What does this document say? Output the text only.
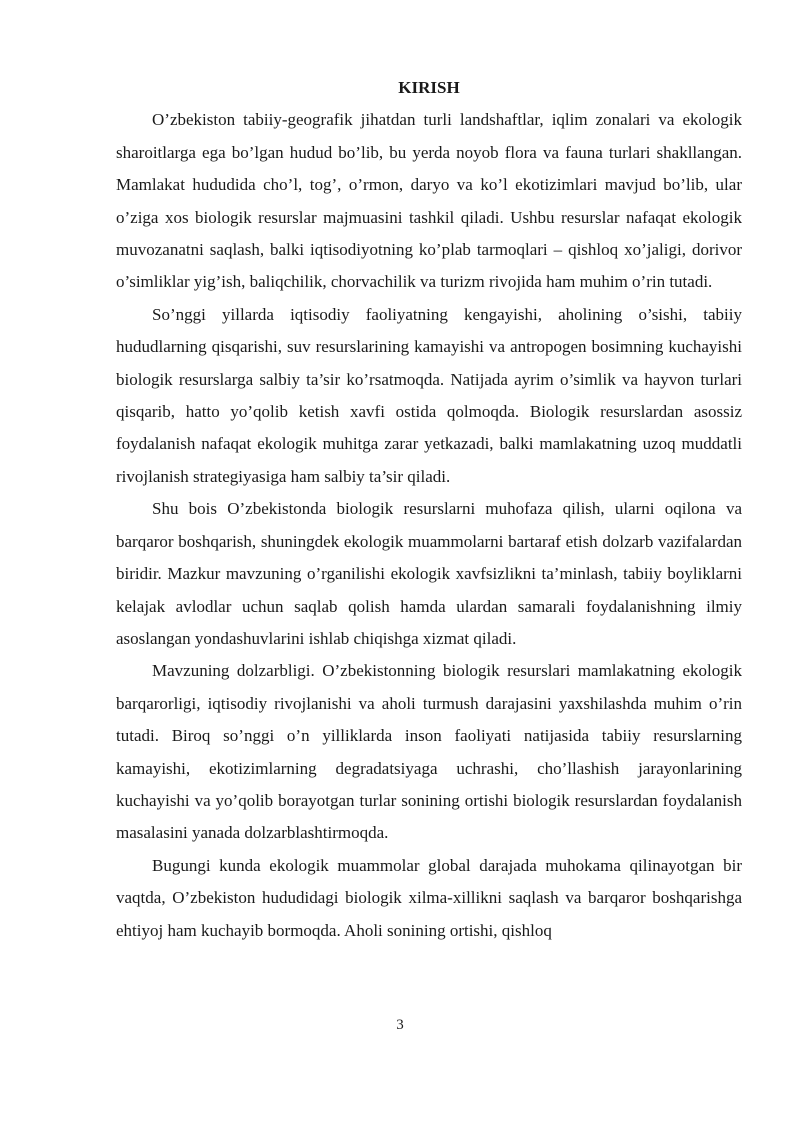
KIRISH

O’zbekiston tabiiy-geografik jihatdan turli landshaftlar, iqlim zonalari va ekologik sharoitlarga ega bo’lgan hudud bo’lib, bu yerda noyob flora va fauna turlari shakllangan. Mamlakat hududida cho’l, tog’, o’rmon, daryo va ko’l ekotizimlari mavjud bo’lib, ular o’ziga xos biologik resurslar majmuasini tashkil qiladi. Ushbu resurslar nafaqat ekologik muvozanatni saqlash, balki iqtisodiyotning ko’plab tarmoqlari – qishloq xo’jaligi, dorivor o’simliklar yig’ish, baliqchilik, chorvachilik va turizm rivojida ham muhim o’rin tutadi.

So’nggi yillarda iqtisodiy faoliyatning kengayishi, aholining o’sishi, tabiiy hududlarning qisqarishi, suv resurslarining kamayishi va antropogen bosimning kuchayishi biologik resurslarga salbiy ta’sir ko’rsatmoqda. Natijada ayrim o’simlik va hayvon turlari qisqarib, hatto yo’qolib ketish xavfi ostida qolmoqda. Biologik resurslardan asossiz foydalanish nafaqat ekologik muhitga zarar yetkazadi, balki mamlakatning uzoq muddatli rivojlanish strategiyasiga ham salbiy ta’sir qiladi.

Shu bois O’zbekistonda biologik resurslarni muhofaza qilish, ularni oqilona va barqaror boshqarish, shuningdek ekologik muammolarni bartaraf etish dolzarb vazifalardan biridir. Mazkur mavzuning o’rganilishi ekologik xavfsizlikni ta’minlash, tabiiy boyliklarni kelajak avlodlar uchun saqlab qolish hamda ulardan samarali foydalanishning ilmiy asoslangan yondashuvlarini ishlab chiqishga xizmat qiladi.

Mavzuning dolzarbligi. O’zbekistonning biologik resurslari mamlakatning ekologik barqarorligi, iqtisodiy rivojlanishi va aholi turmush darajasini yaxshilashda muhim o’rin tutadi. Biroq so’nggi o’n yilliklarda inson faoliyati natijasida tabiiy resurslarning kamayishi, ekotizimlarning degradatsiyaga uchrashi, cho’llashish jarayonlarining kuchayishi va yo’qolib borayotgan turlar sonining ortishi biologik resurslardan foydalanish masalasini yanada dolzarblashtirmoqda.

Bugungi kunda ekologik muammolar global darajada muhokama qilinayotgan bir vaqtda, O’zbekiston hududidagi biologik xilma-xillikni saqlash va barqaror boshqarishga ehtiyoj ham kuchayib bormoqda. Aholi sonining ortishi, qishloq

3
